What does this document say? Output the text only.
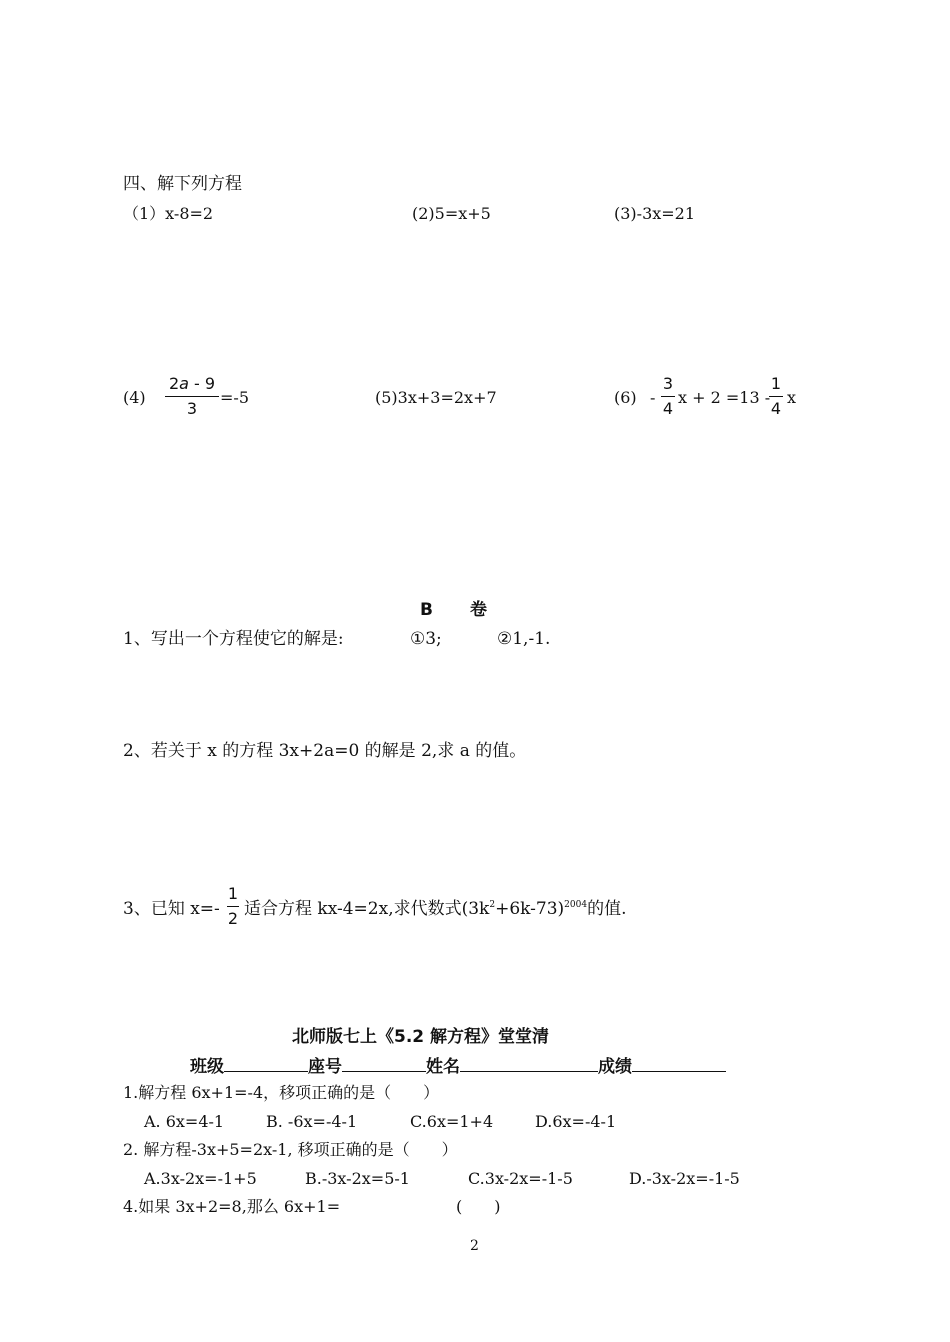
四、解下列方程
（1）x-8=2	(2)5=x+5	(3)-3x=21
(4)
2a - 9
3
=-5	(5)3x+3=2x+7	(6) -
3
4
x + 2 =13 -
1
4
x
B 卷
1、写出一个方程使它的解是:	①3;	②1,-1.
2、若关于 x 的方程 3x+2a=0 的解是 2,求 a 的值。
3、已知 x=-
1
2 适合方程 kx-4=2x,求代数式$(3k^2+6k-73)^{2004}$的值.
北师版七上《5.2 解方程》堂堂清
班级	座号	姓名	成绩
1.解方程 6x+1=-4，移项正确的是（　　）
A. 6x=4-1	B. -6x=-4-1	C.6x=1+4	D.6x=-4-1
2. 解方程-3x+5=2x-1, 移项正确的是（　　）
A.3x-2x=-1+5	B.-3x-2x=5-1	C.3x-2x=-1-5	D.-3x-2x=-1-5
4.如果 3x+2=8,那么 6x+1=	(　　)
2
